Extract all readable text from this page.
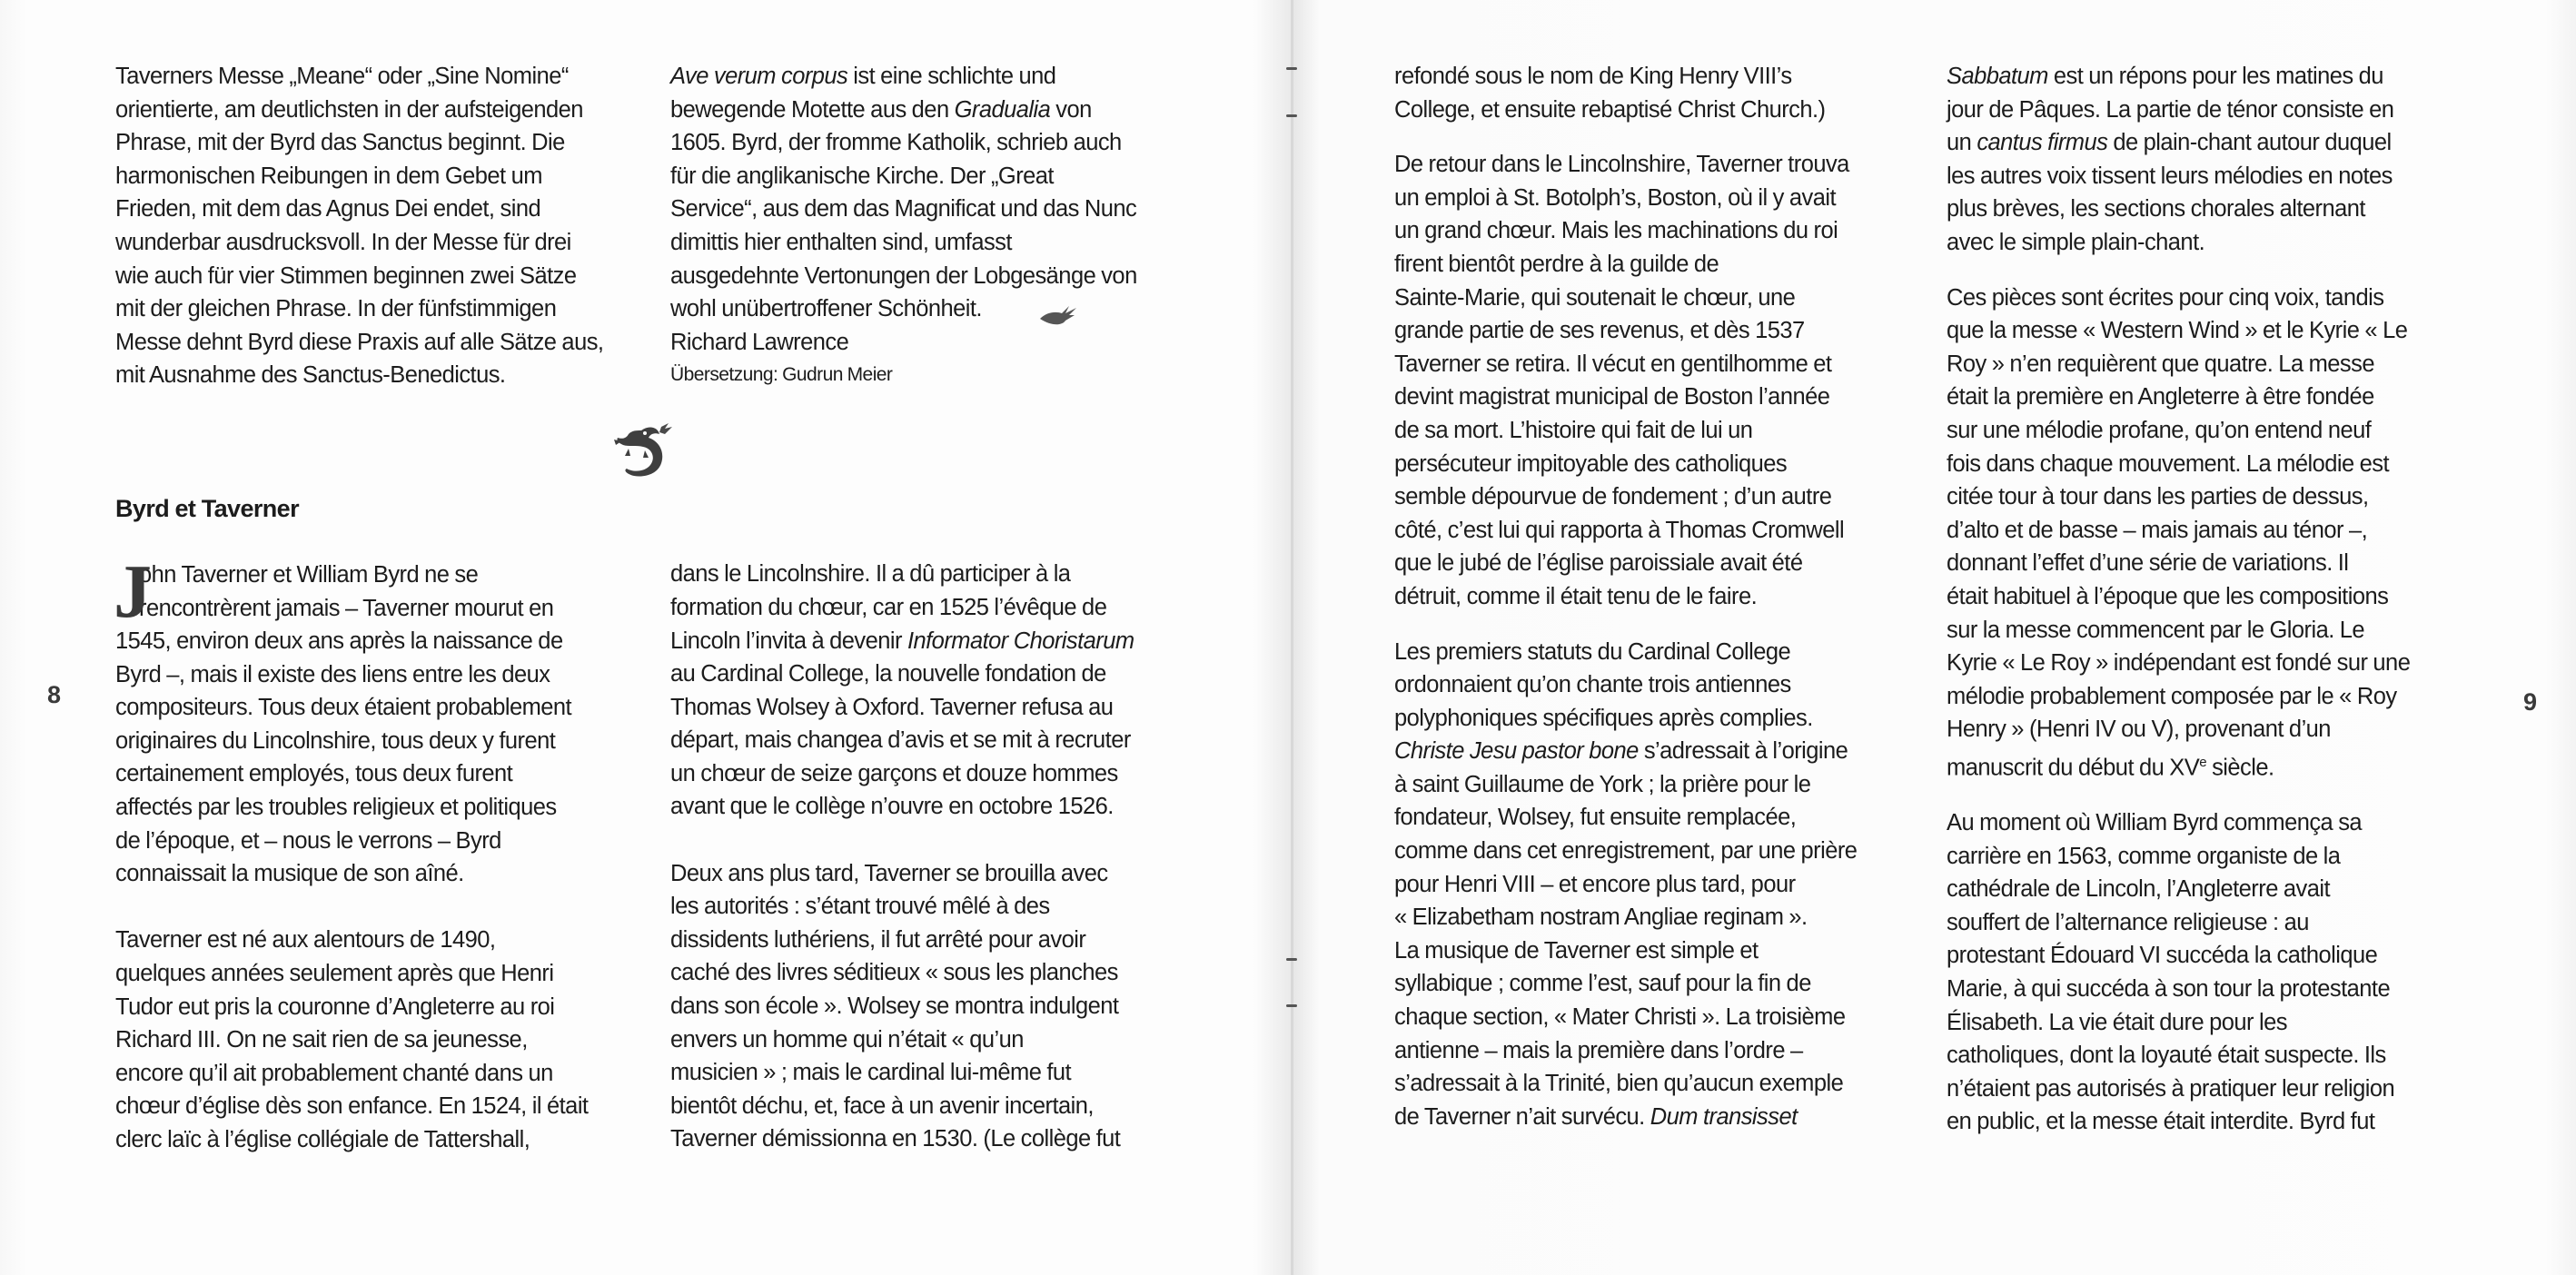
Taverners Messe „Meane“ oder „Sine Nomine“
orientierte, am deutlichsten in der aufsteigenden
Phrase, mit der Byrd das Sanctus beginnt. Die
harmonischen Reibungen in dem Gebet um
Frieden, mit dem das Agnus Dei endet, sind
wunderbar ausdrucksvoll. In der Messe für drei
wie auch für vier Stimmen beginnen zwei Sätze
mit der gleichen Phrase. In der fünfstimmigen
Messe dehnt Byrd diese Praxis auf alle Sätze aus,
mit Ausnahme des Sanctus-Benedictus.
Byrd et Taverner
J
ohn Taverner et William Byrd ne se
rencontrèrent jamais – Taverner mourut en
1545, environ deux ans après la naissance de
Byrd –, mais il existe des liens entre les deux
compositeurs. Tous deux étaient probablement
originaires du Lincolnshire, tous deux y furent
certainement employés, tous deux furent
affectés par les troubles religieux et politiques
de l’époque, et – nous le verrons – Byrd
connaissait la musique de son aîné.
Taverner est né aux alentours de 1490,
quelques années seulement après que Henri
Tudor eut pris la couronne d’Angleterre au roi
Richard III. On ne sait rien de sa jeunesse,
encore qu’il ait probablement chanté dans un
chœur d’église dès son enfance. En 1524, il était
clerc laïc à l’église collégiale de Tattershall,
8
Ave verum corpus ist eine schlichte und
bewegende Motette aus den Gradualia von
1605. Byrd, der fromme Katholik, schrieb auch
für die anglikanische Kirche. Der „Great
Service“, aus dem das Magnificat und das Nunc
dimittis hier enthalten sind, umfasst
ausgedehnte Vertonungen der Lobgesänge von
wohl unübertroffener Schönheit.
Richard Lawrence
Übersetzung: Gudrun Meier
dans le Lincolnshire. Il a dû participer à la
formation du chœur, car en 1525 l’évêque de
Lincoln l’invita à devenir Informator Choristarum
au Cardinal College, la nouvelle fondation de
Thomas Wolsey à Oxford. Taverner refusa au
départ, mais changea d’avis et se mit à recruter
un chœur de seize garçons et douze hommes
avant que le collège n’ouvre en octobre 1526.
Deux ans plus tard, Taverner se brouilla avec
les autorités : s’étant trouvé mêlé à des
dissidents luthériens, il fut arrêté pour avoir
caché des livres séditieux « sous les planches
dans son école ». Wolsey se montra indulgent
envers un homme qui n’était « qu’un
musicien » ; mais le cardinal lui-même fut
bientôt déchu, et, face à un avenir incertain,
Taverner démissionna en 1530. (Le collège fut
refondé sous le nom de King Henry VIII’s
College, et ensuite rebaptisé Christ Church.)
De retour dans le Lincolnshire, Taverner trouva
un emploi à St. Botolph’s, Boston, où il y avait
un grand chœur. Mais les machinations du roi
firent bientôt perdre à la guilde de
Sainte-Marie, qui soutenait le chœur, une
grande partie de ses revenus, et dès 1537
Taverner se retira. Il vécut en gentilhomme et
devint magistrat municipal de Boston l’année
de sa mort. L’histoire qui fait de lui un
persécuteur impitoyable des catholiques
semble dépourvue de fondement ; d’un autre
côté, c’est lui qui rapporta à Thomas Cromwell
que le jubé de l’église paroissiale avait été
détruit, comme il était tenu de le faire.
Les premiers statuts du Cardinal College
ordonnaient qu’on chante trois antiennes
polyphoniques spécifiques après complies.
Christe Jesu pastor bone s’adressait à l’origine
à saint Guillaume de York ; la prière pour le
fondateur, Wolsey, fut ensuite remplacée,
comme dans cet enregistrement, par une prière
pour Henri VIII – et encore plus tard, pour
« Elizabetham nostram Angliae reginam ».
La musique de Taverner est simple et
syllabique ; comme l’est, sauf pour la fin de
chaque section, « Mater Christi ». La troisième
antienne – mais la première dans l’ordre –
s’adressait à la Trinité, bien qu’aucun exemple
de Taverner n’ait survécu. Dum transisset
Sabbatum est un répons pour les matines du
jour de Pâques. La partie de ténor consiste en
un cantus firmus de plain-chant autour duquel
les autres voix tissent leurs mélodies en notes
plus brèves, les sections chorales alternant
avec le simple plain-chant.
Ces pièces sont écrites pour cinq voix, tandis
que la messe « Western Wind » et le Kyrie « Le
Roy » n’en requièrent que quatre. La messe
était la première en Angleterre à être fondée
sur une mélodie profane, qu’on entend neuf
fois dans chaque mouvement. La mélodie est
citée tour à tour dans les parties de dessus,
d’alto et de basse – mais jamais au ténor –,
donnant l’effet d’une série de variations. Il
était habituel à l’époque que les compositions
sur la messe commencent par le Gloria. Le
Kyrie « Le Roy » indépendant est fondé sur une
mélodie probablement composée par le « Roy
Henry » (Henri IV ou V), provenant d’un
manuscrit du début du XVe siècle.
Au moment où William Byrd commença sa
carrière en 1563, comme organiste de la
cathédrale de Lincoln, l’Angleterre avait
souffert de l’alternance religieuse : au
protestant Édouard VI succéda la catholique
Marie, à qui succéda à son tour la protestante
Élisabeth. La vie était dure pour les
catholiques, dont la loyauté était suspecte. Ils
n’étaient pas autorisés à pratiquer leur religion
en public, et la messe était interdite. Byrd fut
9
